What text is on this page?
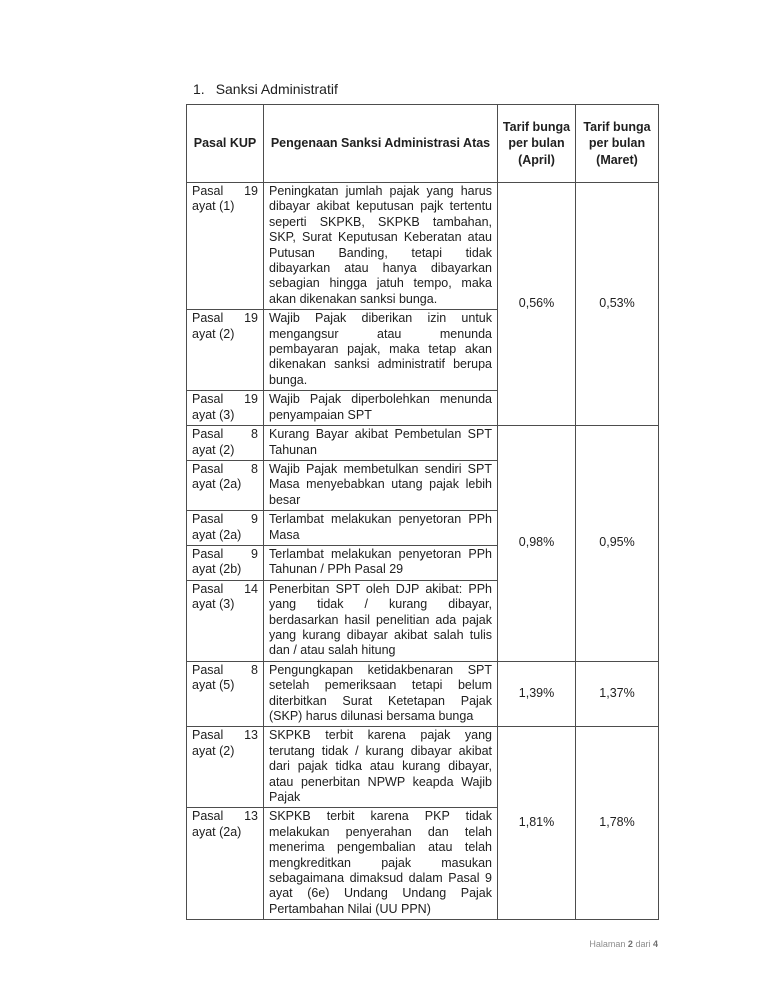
1. Sanksi Administratif
Pasal KUP	Pengenaan Sanksi Administrasi Atas	Tarif bunga per bulan (April)	Tarif bunga per bulan (Maret)

Pasal 19
ayat (1)	Peningkatan jumlah pajak yang harus dibayar akibat keputusan pajk tertentu seperti SKPKB, SKPKB tambahan, SKP, Surat Keputusan Keberatan atau Putusan Banding, tetapi tidak dibayarkan atau hanya dibayarkan sebagian hingga jatuh tempo, maka akan dikenakan sanksi bunga.	0,56%	0,53%

Pasal 19
ayat (2)	Wajib Pajak diberikan izin untuk mengangsur atau menunda pembayaran pajak, maka tetap akan dikenakan sanksi administratif berupa bunga.		

Pasal 19
ayat (3)	Wajib Pajak diperbolehkan menunda penyampaian SPT		

Pasal 8
ayat (2)	Kurang Bayar akibat Pembetulan SPT Tahunan	0,98%	0,95%

Pasal 8
ayat (2a)	Wajib Pajak membetulkan sendiri SPT Masa menyebabkan utang pajak lebih besar		

Pasal 9
ayat (2a)	Terlambat melakukan penyetoran PPh Masa		

Pasal 9
ayat (2b)	Terlambat melakukan penyetoran PPh Tahunan / PPh Pasal 29		

Pasal 14
ayat (3)	Penerbitan SPT oleh DJP akibat: PPh yang tidak / kurang dibayar, berdasarkan hasil penelitian ada pajak yang kurang dibayar akibat salah tulis dan / atau salah hitung		

Pasal 8
ayat (5)	Pengungkapan ketidakbenaran SPT setelah pemeriksaan tetapi belum diterbitkan Surat Ketetapan Pajak (SKP) harus dilunasi bersama bunga	1,39%	1,37%

Pasal 13
ayat (2)	SKPKB terbit karena pajak yang terutang tidak / kurang dibayar akibat dari pajak tidka atau kurang dibayar, atau penerbitan NPWP keapda Wajib Pajak	1,81%	1,78%

Pasal 13
ayat (2a)	SKPKB terbit karena PKP tidak melakukan penyerahan dan telah menerima pengembalian atau telah mengkreditkan pajak masukan sebagaimana dimaksud dalam Pasal 9 ayat (6e) Undang Undang Pajak Pertambahan Nilai (UU PPN)
Halaman 2 dari 4
